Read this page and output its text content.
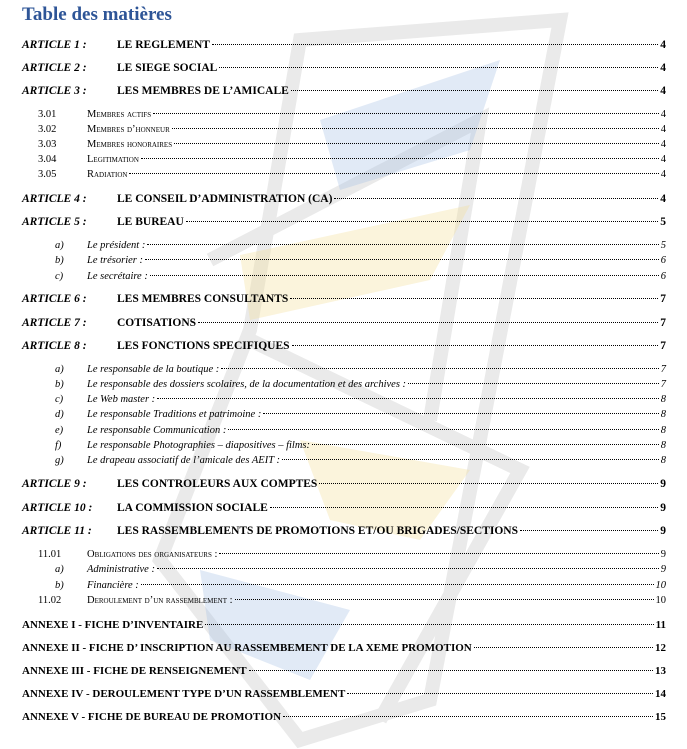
Table des matières
ARTICLE 1 :	LE REGLEMENT	4
ARTICLE 2 :	LE SIEGE SOCIAL	4
ARTICLE 3 :	LES MEMBRES DE L’AMICALE	4
3.01	Membres actifs	4
3.02	Membres d’honneur	4
3.03	Membres honoraires	4
3.04	Legitimation	4
3.05	Radiation	4
ARTICLE 4 :	LE CONSEIL D’ADMINISTRATION (CA)	4
ARTICLE 5 :	LE BUREAU	5
a)	Le président :	5
b)	Le trésorier :	6
c)	Le secrétaire :	6
ARTICLE 6 :	LES MEMBRES CONSULTANTS	7
ARTICLE 7 :	COTISATIONS	7
ARTICLE 8 :	LES FONCTIONS SPECIFIQUES	7
a)	Le responsable de la boutique :	7
b)	Le responsable des dossiers scolaires, de la documentation et des archives :	7
c)	Le Web master :	8
d)	Le responsable Traditions et patrimoine :	8
e)	Le responsable Communication :	8
f)	Le responsable Photographies – diapositives – films:	8
g)	Le drapeau associatif de l’amicale des AEIT :	8
ARTICLE 9 :	LES CONTROLEURS AUX COMPTES	9
ARTICLE 10 :	LA COMMISSION SOCIALE	9
ARTICLE 11 :	LES RASSEMBLEMENTS DE PROMOTIONS ET/OU BRIGADES/SECTIONS	9
11.01	Obligations des organisateurs :	9
a)	Administrative :	9
b)	Financière :	10
11.02	Deroulement d’un rassemblement :	10
ANNEXE I - FICHE D’INVENTAIRE	11
ANNEXE II - FICHE D’ INSCRIPTION AU RASSEMBEMENT DE LA XEME PROMOTION	12
ANNEXE III - FICHE DE RENSEIGNEMENT	13
ANNEXE IV - DEROULEMENT TYPE D’UN RASSEMBLEMENT	14
ANNEXE V - FICHE DE BUREAU DE PROMOTION	15
